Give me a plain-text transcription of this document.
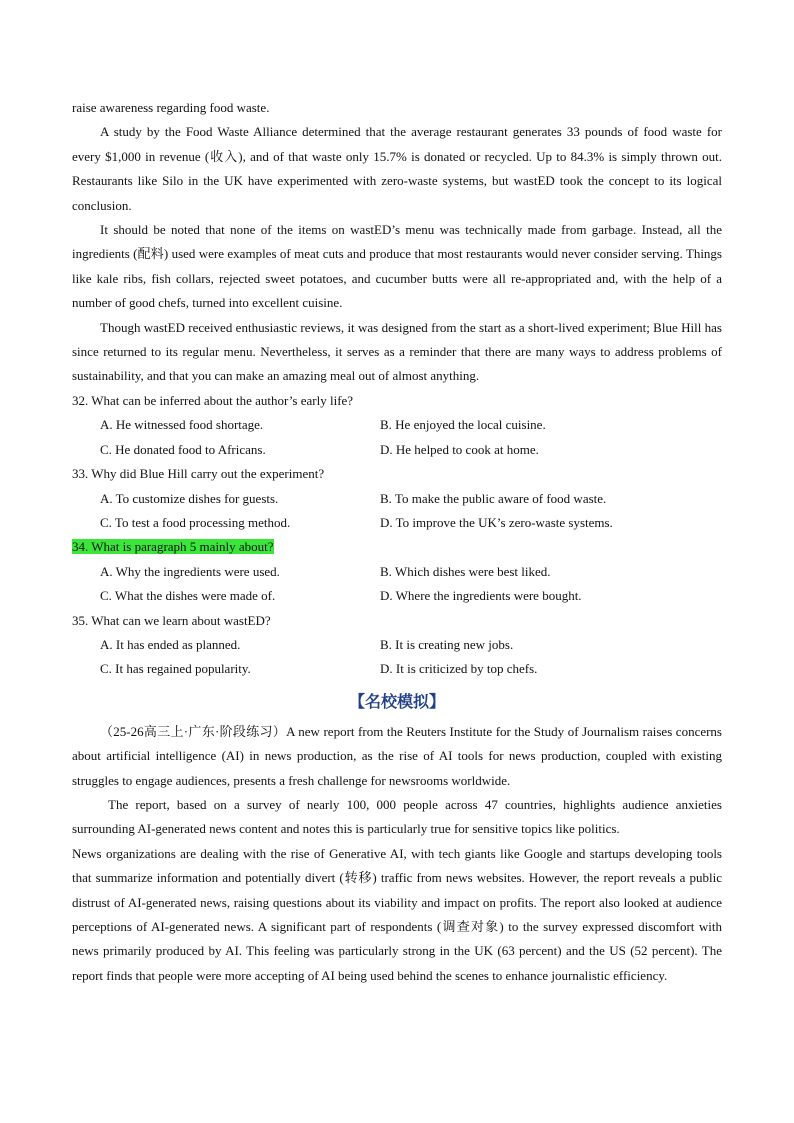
raise awareness regarding food waste.

A study by the Food Waste Alliance determined that the average restaurant generates 33 pounds of food waste for every $1,000 in revenue (收入), and of that waste only 15.7% is donated or recycled. Up to 84.3% is simply thrown out. Restaurants like Silo in the UK have experimented with zero-waste systems, but wastED took the concept to its logical conclusion.

It should be noted that none of the items on wastED’s menu was technically made from garbage. Instead, all the ingredients (配料) used were examples of meat cuts and produce that most restaurants would never consider serving. Things like kale ribs, fish collars, rejected sweet potatoes, and cucumber butts were all re-appropriated and, with the help of a number of good chefs, turned into excellent cuisine.

Though wastED received enthusiastic reviews, it was designed from the start as a short-lived experiment; Blue Hill has since returned to its regular menu. Nevertheless, it serves as a reminder that there are many ways to address problems of sustainability, and that you can make an amazing meal out of almost anything.

32. What can be inferred about the author’s early life?

A. He witnessed food shortage.	B. He enjoyed the local cuisine.
C. He donated food to Africans.	D. He helped to cook at home.

33. Why did Blue Hill carry out the experiment?

A. To customize dishes for guests.	B. To make the public aware of food waste.
C. To test a food processing method.	D. To improve the UK’s zero-waste systems.

34. What is paragraph 5 mainly about?

A. Why the ingredients were used.	B. Which dishes were best liked.
C. What the dishes were made of.	D. Where the ingredients were bought.

35. What can we learn about wastED?

A. It has ended as planned.	B. It is creating new jobs.
C. It has regained popularity.	D. It is criticized by top chefs.
【名校模拟】

（25-26高三上·广东·阶段练习）A new report from the Reuters Institute for the Study of Journalism raises concerns about artificial intelligence (AI) in news production, as the rise of AI tools for news production, coupled with existing struggles to engage audiences, presents a fresh challenge for newsrooms worldwide.

The report, based on a survey of nearly 100, 000 people across 47 countries, highlights audience anxieties surrounding AI-generated news content and notes this is particularly true for sensitive topics like politics.

News organizations are dealing with the rise of Generative AI, with tech giants like Google and startups developing tools that summarize information and potentially divert (转移) traffic from news websites. However, the report reveals a public distrust of AI-generated news, raising questions about its viability and impact on profits. The report also looked at audience perceptions of AI-generated news. A significant part of respondents (调查对象) to the survey expressed discomfort with news primarily produced by AI. This feeling was particularly strong in the UK (63 percent) and the US (52 percent). The report finds that people were more accepting of AI being used behind the scenes to enhance journalistic efficiency.
